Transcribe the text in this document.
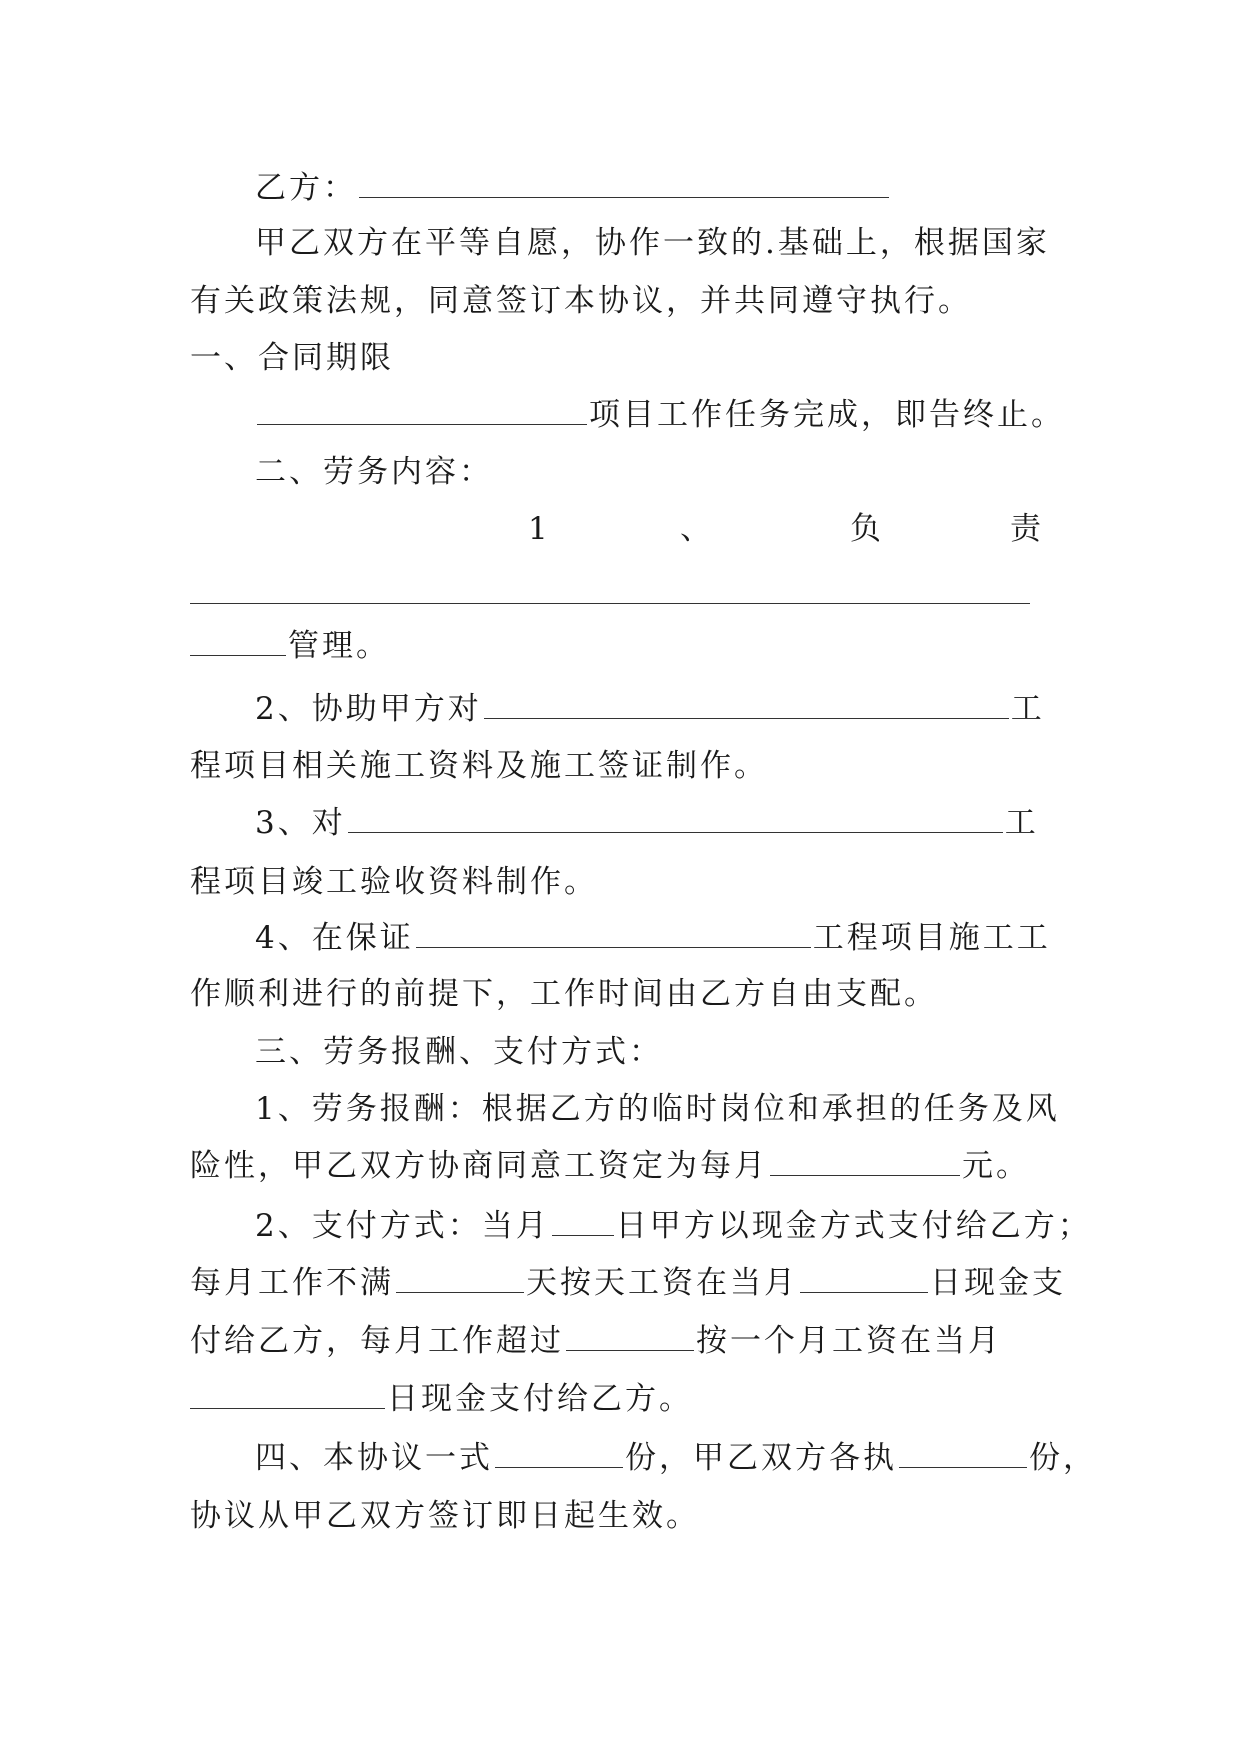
乙方：
甲乙双方在平等自愿，协作一致的.基础上，根据国家
有关政策法规，同意签订本协议，并共同遵守执行。
一、合同期限
项目工作任务完成，即告终止。
二、劳务内容：
1	、	负	责
管理。
2、协助甲方对	工
程项目相关施工资料及施工签证制作。
3、对	工
程项目竣工验收资料制作。
4、在保证	工程项目施工工
作顺利进行的前提下，工作时间由乙方自由支配。
三、劳务报酬、支付方式：
1、劳务报酬：根据乙方的临时岗位和承担的任务及风
险性，甲乙双方协商同意工资定为每月	元。
2、支付方式：当月 日甲方以现金方式支付给乙方；
每月工作不满	天按天工资在当月	日现金支
付给乙方，每月工作超过	按一个月工资在当月
日现金支付给乙方。
四、本协议一式	份，甲乙双方各执	份，
协议从甲乙双方签订即日起生效。
